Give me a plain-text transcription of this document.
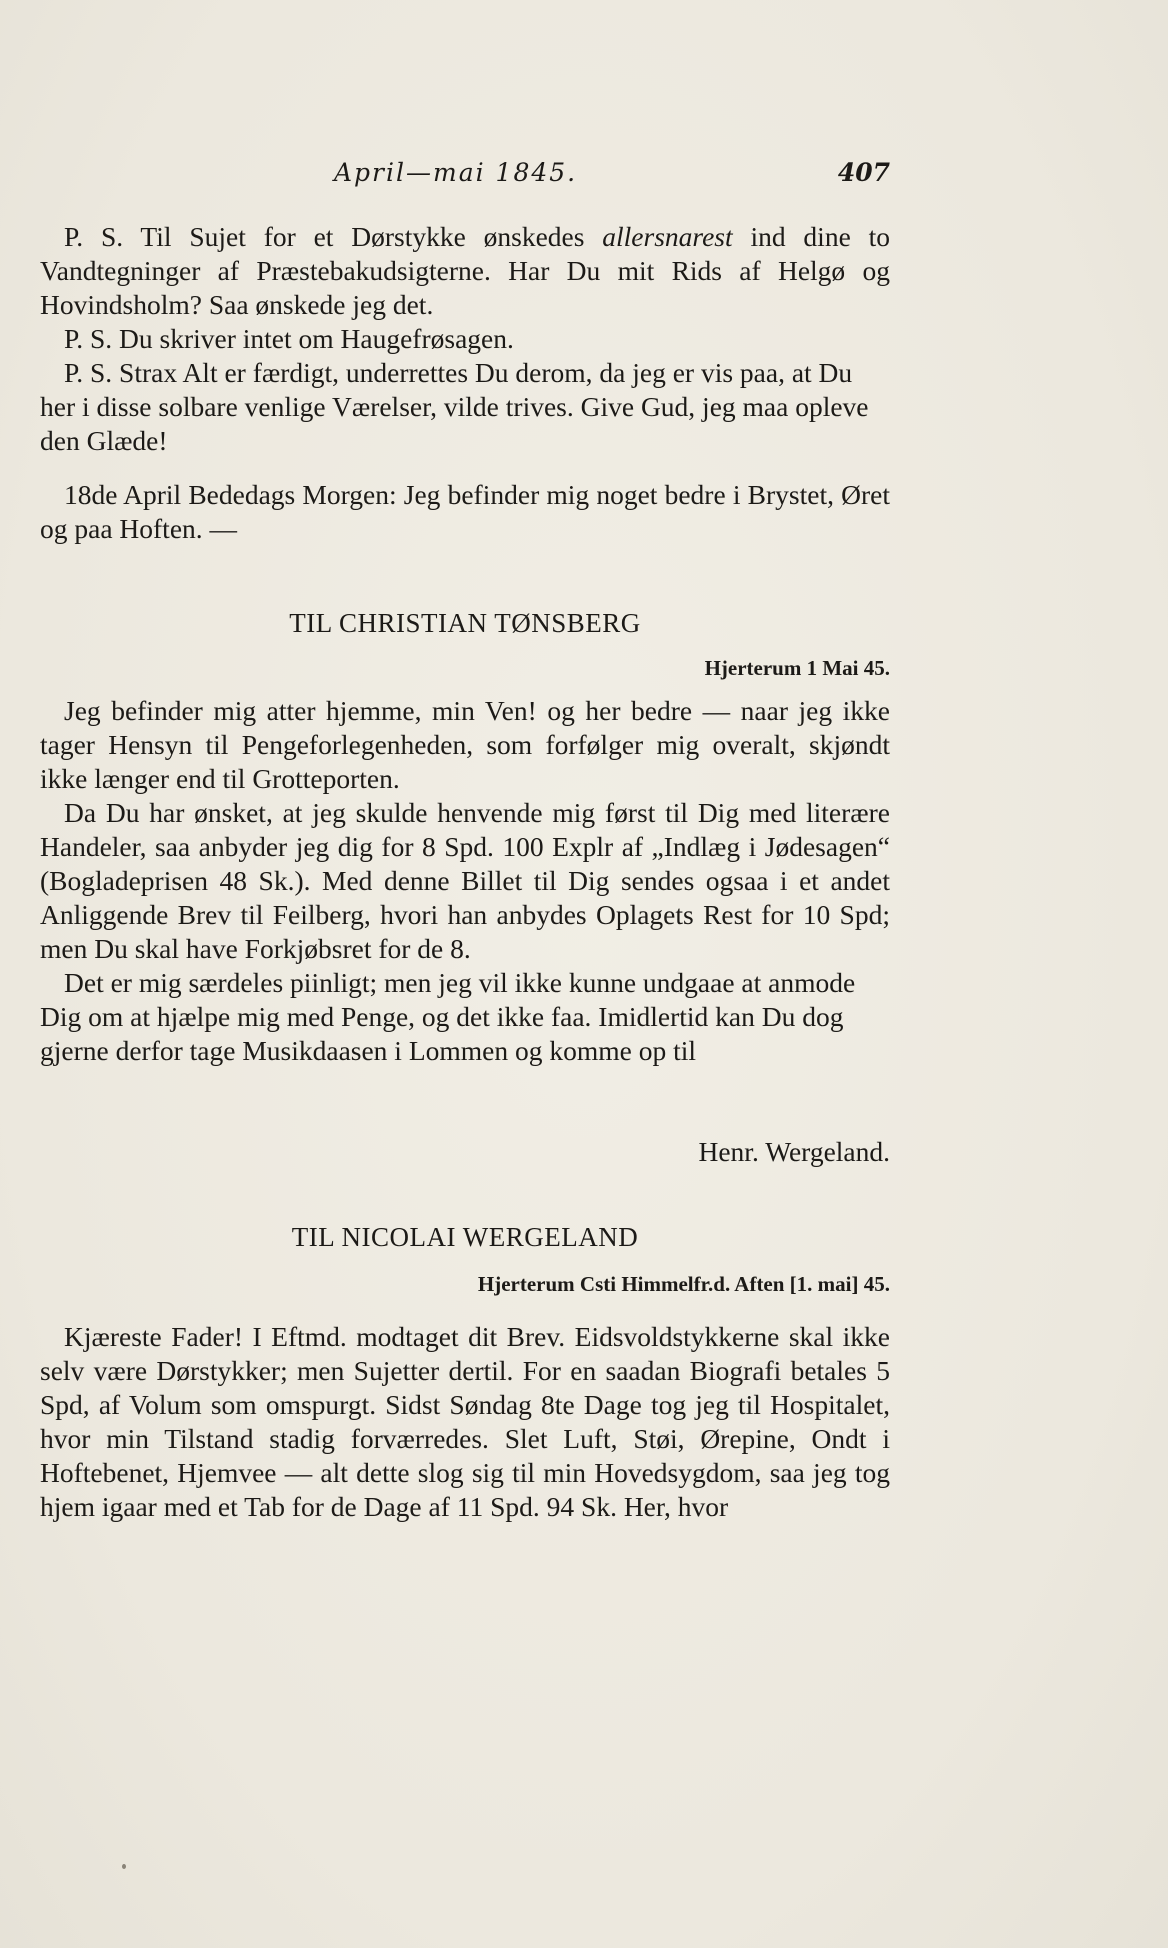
April—mai 1845.	407

P. S. Til Sujet for et Dørstykke ønskedes allersnarest ind dine to Vandtegninger af Præstebakudsigterne. Har Du mit Rids af Helgø og Hovindsholm? Saa ønskede jeg det.

P. S. Du skriver intet om Haugefrøsagen.

P. S. Strax Alt er færdigt, underrettes Du derom, da jeg er vis paa, at Du her i disse solbare venlige Værelser, vilde trives. Give Gud, jeg maa opleve den Glæde!

18de April Bededags Morgen: Jeg befinder mig noget bedre i Brystet, Øret og paa Hoften. —

TIL CHRISTIAN TØNSBERG
Hjerterum 1 Mai 45.

Jeg befinder mig atter hjemme, min Ven! og her bedre — naar jeg ikke tager Hensyn til Pengeforlegenheden, som forfølger mig overalt, skjøndt ikke længer end til Grotteporten.

Da Du har ønsket, at jeg skulde henvende mig først til Dig med literære Handeler, saa anbyder jeg dig for 8 Spd. 100 Explr af „Indlæg i Jødesagen“ (Bogladeprisen 48 Sk.). Med denne Billet til Dig sendes ogsaa i et andet Anliggende Brev til Feilberg, hvori han anbydes Oplagets Rest for 10 Spd; men Du skal have Forkjøbsret for de 8.

Det er mig særdeles piinligt; men jeg vil ikke kunne undgaae at anmode Dig om at hjælpe mig med Penge, og det ikke faa. Imidlertid kan Du dog gjerne derfor tage Musikdaasen i Lommen og komme op til

Henr. Wergeland.
TIL NICOLAI WERGELAND
Hjerterum Csti Himmelfr.d. Aften [1. mai] 45.

Kjæreste Fader! I Eftmd. modtaget dit Brev. Eidsvoldstykkerne skal ikke selv være Dørstykker; men Sujetter dertil. For en saadan Biografi betales 5 Spd, af Volum som omspurgt. Sidst Søndag 8te Dage tog jeg til Hospitalet, hvor min Tilstand stadig forværredes. Slet Luft, Støi, Ørepine, Ondt i Hoftebenet, Hjemvee — alt dette slog sig til min Hovedsygdom, saa jeg tog hjem igaar med et Tab for de Dage af 11 Spd. 94 Sk. Her, hvor
